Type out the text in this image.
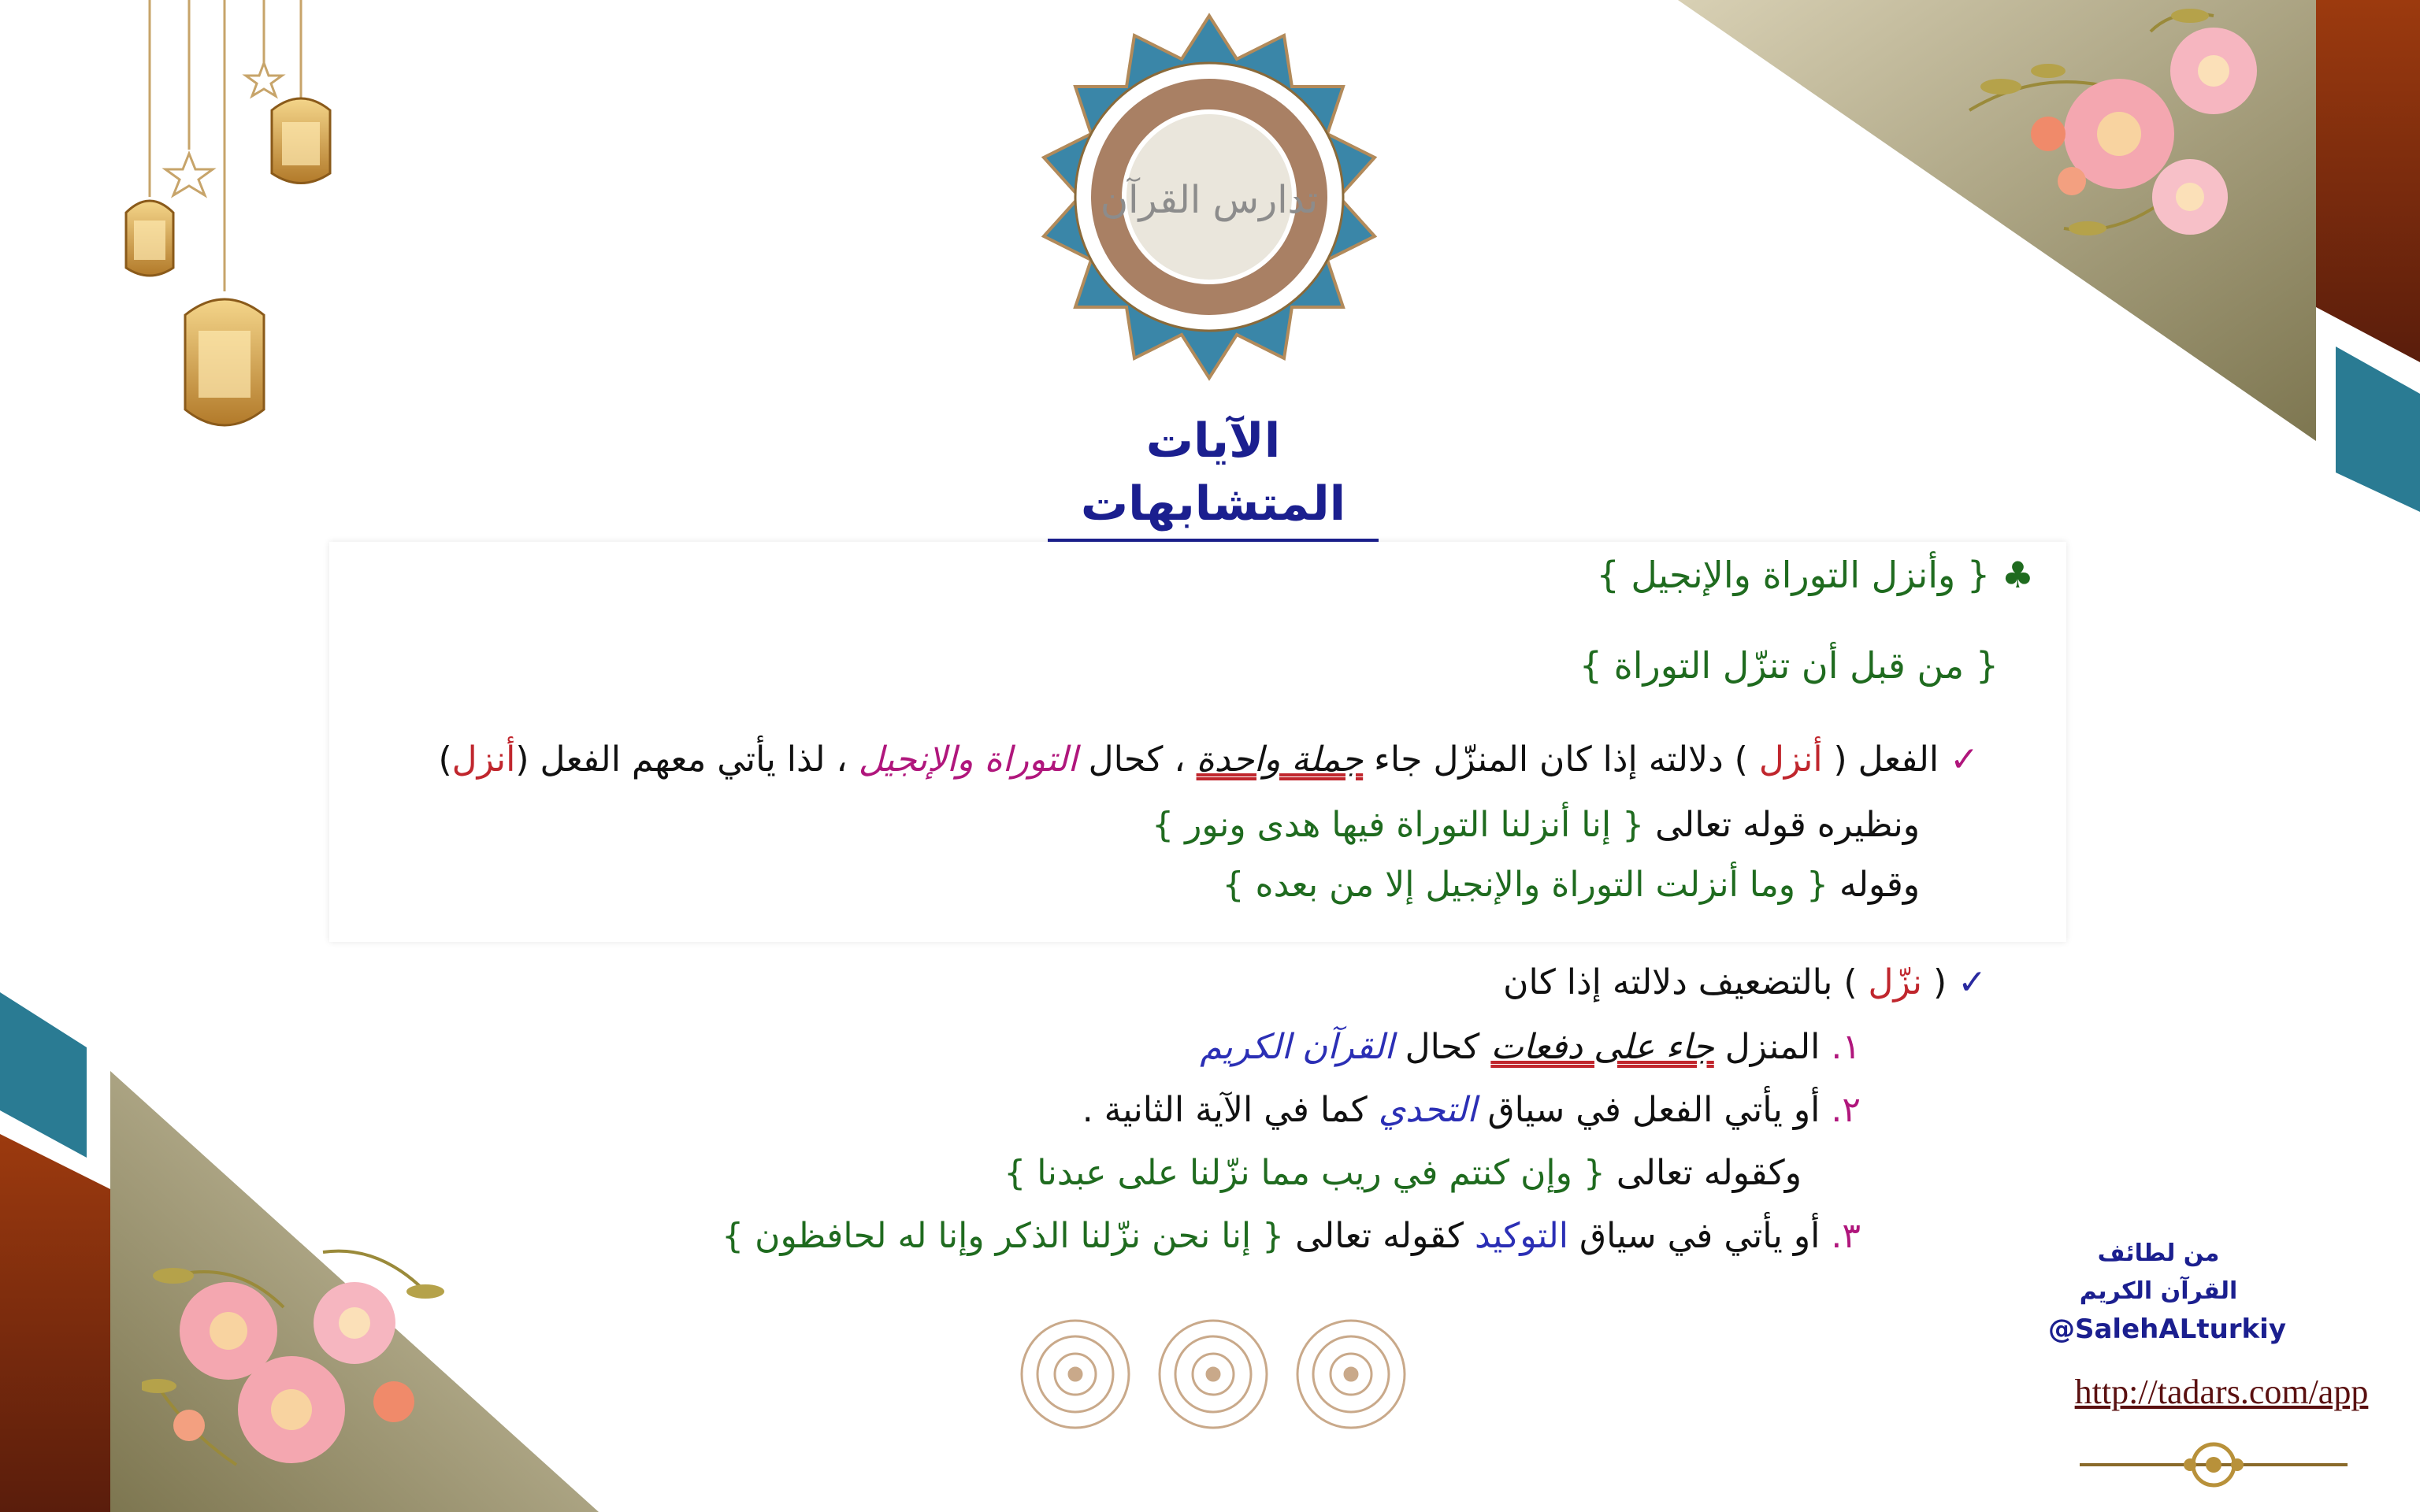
تدارس القرآن
الآيات المتشابهات
♣ { وأنزل التوراة والإنجيل }
{ من قبل أن تنزّل التوراة }
✓ الفعل ( أنزل ) دلالته إذا كان المنزّل جاء جملة واحدة ، كحال التوراة والإنجيل ، لذا يأتي معهم الفعل (أنزل)
ونظيره قوله تعالى { إنا أنزلنا التوراة فيها هدى ونور }
وقوله { وما أنزلت التوراة والإنجيل إلا من بعده }
✓ ( نزّل ) بالتضعيف دلالته إذا كان
١. المنزل جاء على دفعات كحال القرآن الكريم
٢. أو يأتي الفعل في سياق التحدي كما في الآية الثانية .
وكقوله تعالى { وإن كنتم في ريب مما نزّلنا على عبدنا }
٣. أو يأتي في سياق التوكيد كقوله تعالى { إنا نحن نزّلنا الذكر وإنا له لحافظون }	من لطائف
القرآن الكريم
@SalehALturkiy
http://tadars.com/app
